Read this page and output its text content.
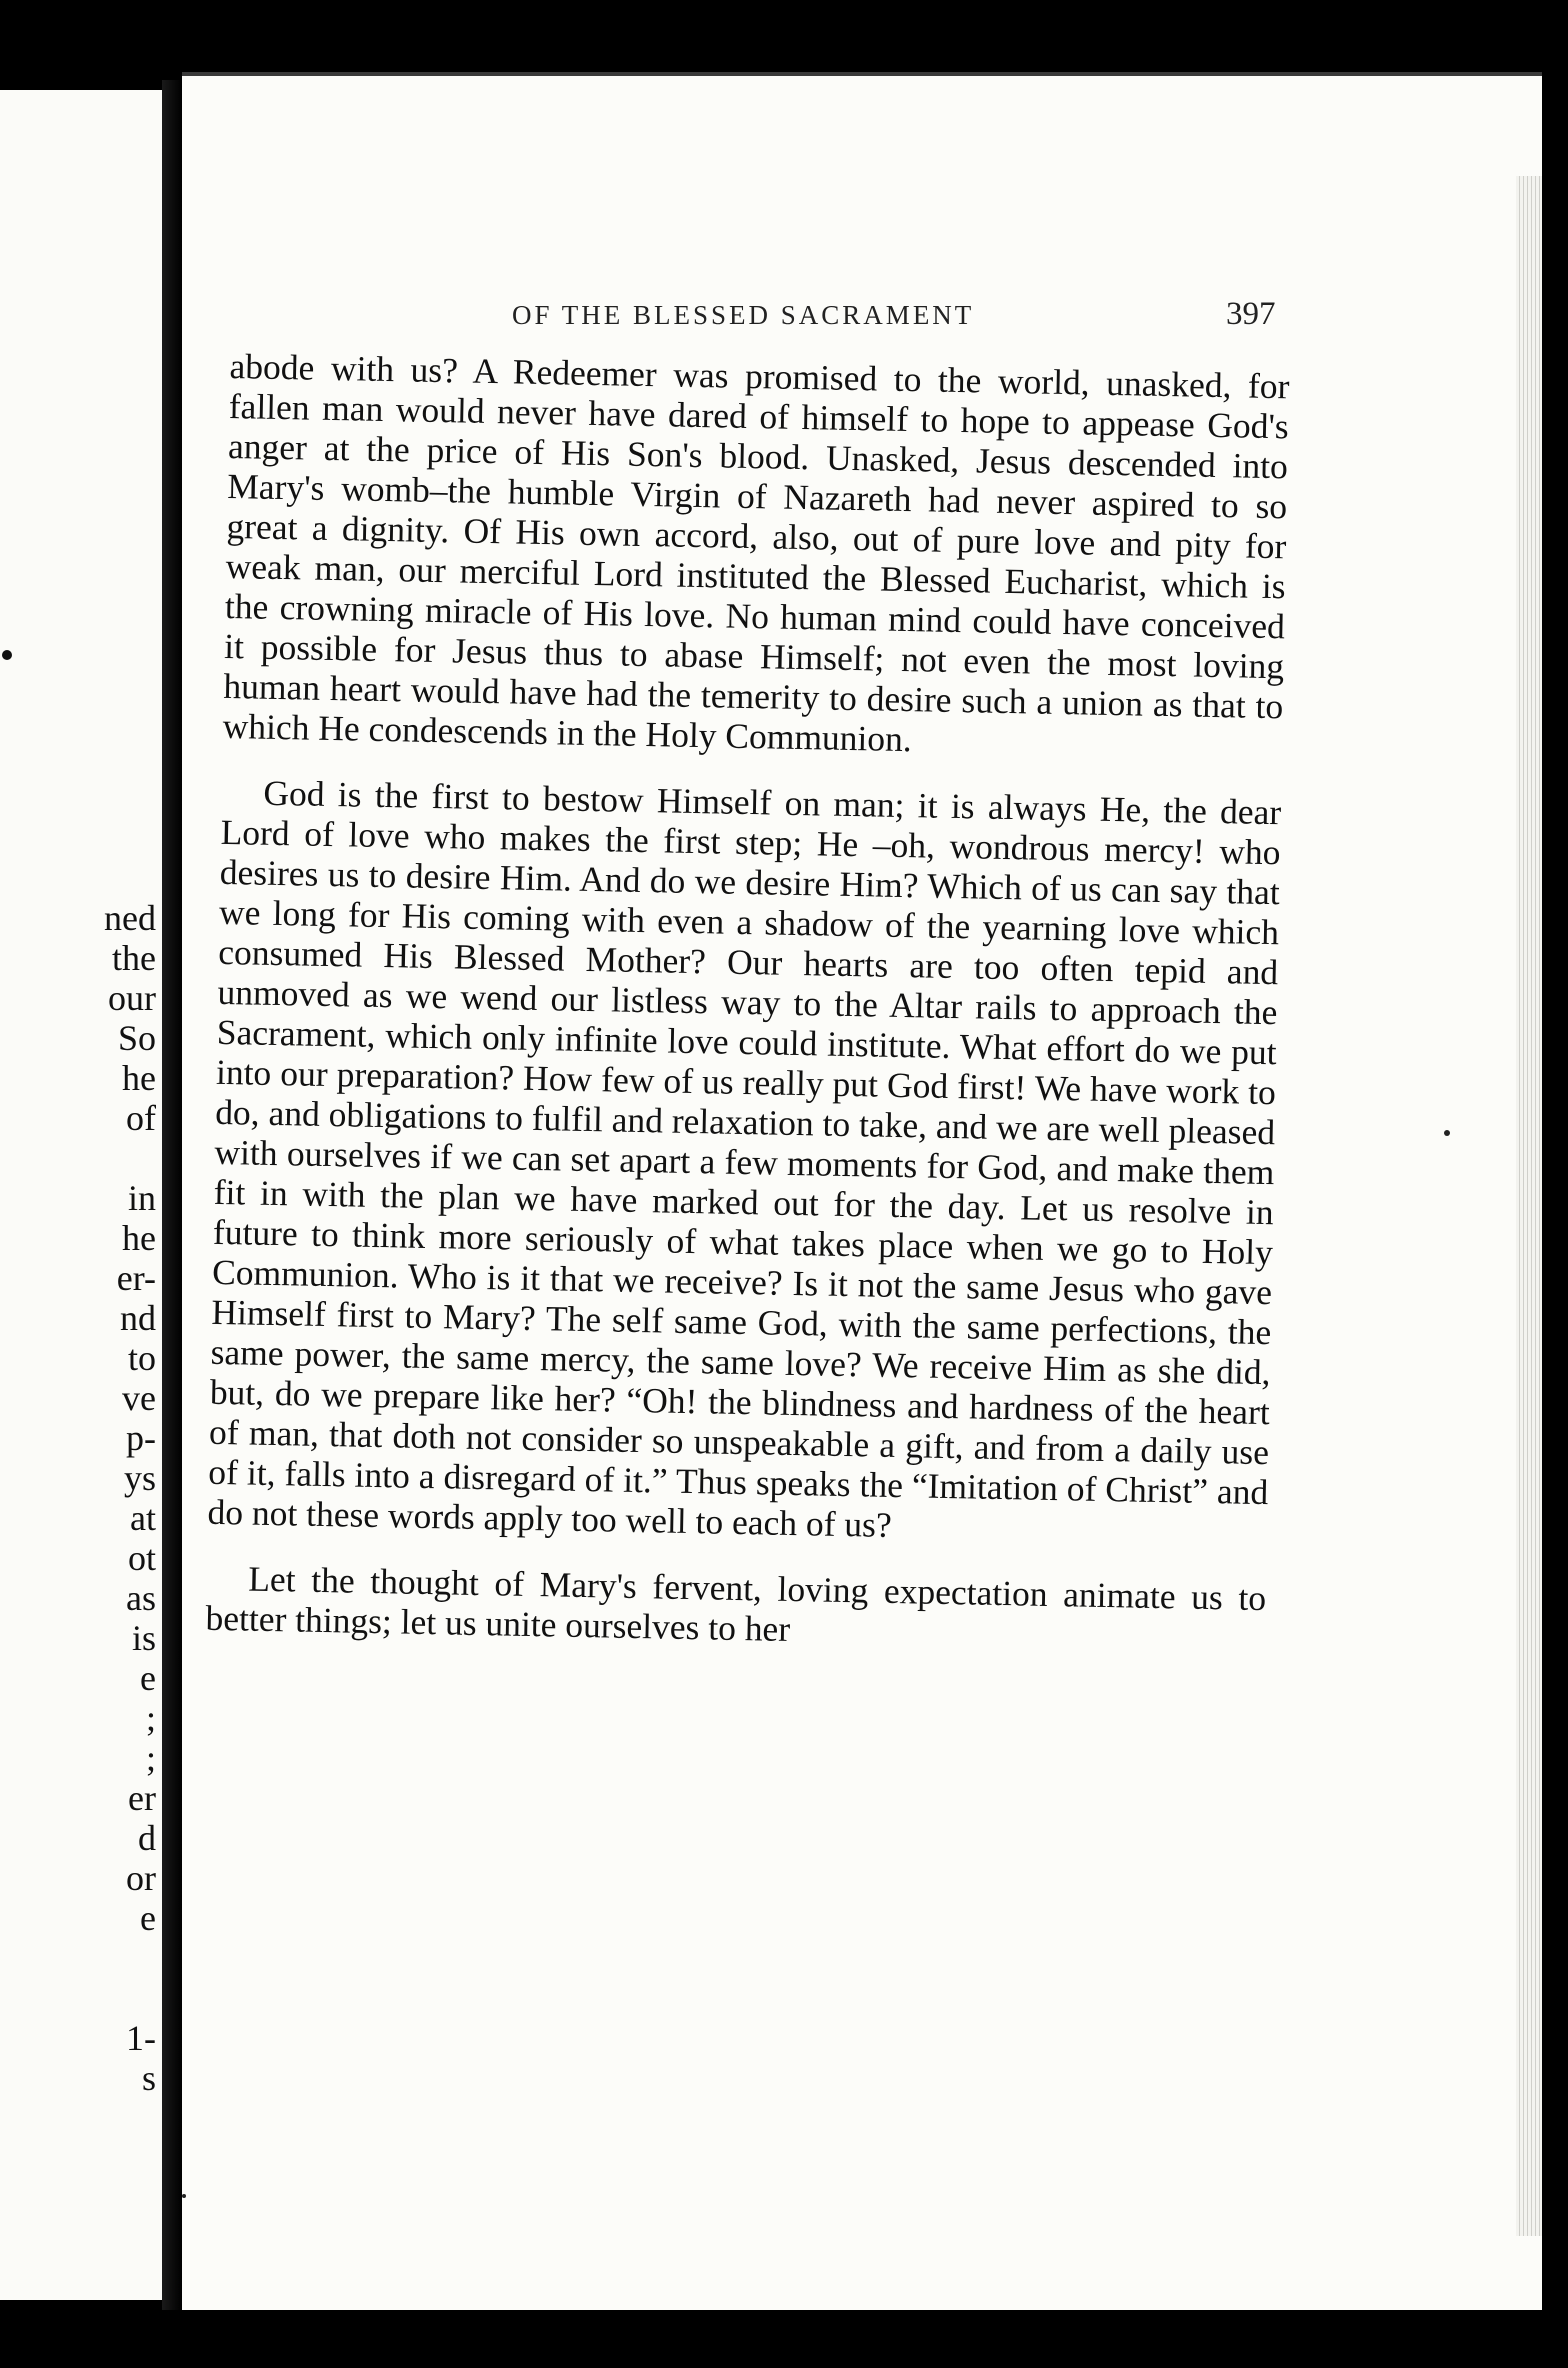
ned
the
our
So
he
of
in
he
er-
nd
to
ve
p-
ys
at
ot
as
is
e
;
;
er
d
or
e
1-
s
OF THE BLESSED SACRAMENT	397

abode with us? A Redeemer was promised to the world, unasked, for fallen man would never have dared of himself to hope to appease God's anger at the price of His Son's blood. Unasked, Jesus descended into Mary's womb–the humble Virgin of Nazareth had never aspired to so great a dignity. Of His own accord, also, out of pure love and pity for weak man, our merciful Lord instituted the Blessed Eucharist, which is the crowning miracle of His love. No human mind could have conceived it possible for Jesus thus to abase Himself; not even the most loving human heart would have had the temerity to desire such a union as that to which He condescends in the Holy Communion.

God is the first to bestow Himself on man; it is always He, the dear Lord of love who makes the first step; He –oh, wondrous mercy! who desires us to desire Him. And do we desire Him? Which of us can say that we long for His coming with even a shadow of the yearning love which consumed His Blessed Mother? Our hearts are too often tepid and unmoved as we wend our listless way to the Altar rails to approach the Sacrament, which only infinite love could institute. What effort do we put into our preparation? How few of us really put God first! We have work to do, and obligations to fulfil and relaxation to take, and we are well pleased with ourselves if we can set apart a few moments for God, and make them fit in with the plan we have marked out for the day. Let us resolve in future to think more seriously of what takes place when we go to Holy Communion. Who is it that we receive? Is it not the same Jesus who gave Himself first to Mary? The self same God, with the same perfections, the same power, the same mercy, the same love? We receive Him as she did, but, do we prepare like her? “Oh! the blindness and hardness of the heart of man, that doth not consider so unspeakable a gift, and from a daily use of it, falls into a disregard of it.” Thus speaks the “Imitation of Christ” and do not these words apply too well to each of us?

Let the thought of Mary's fervent, loving expectation animate us to better things; let us unite ourselves to her
